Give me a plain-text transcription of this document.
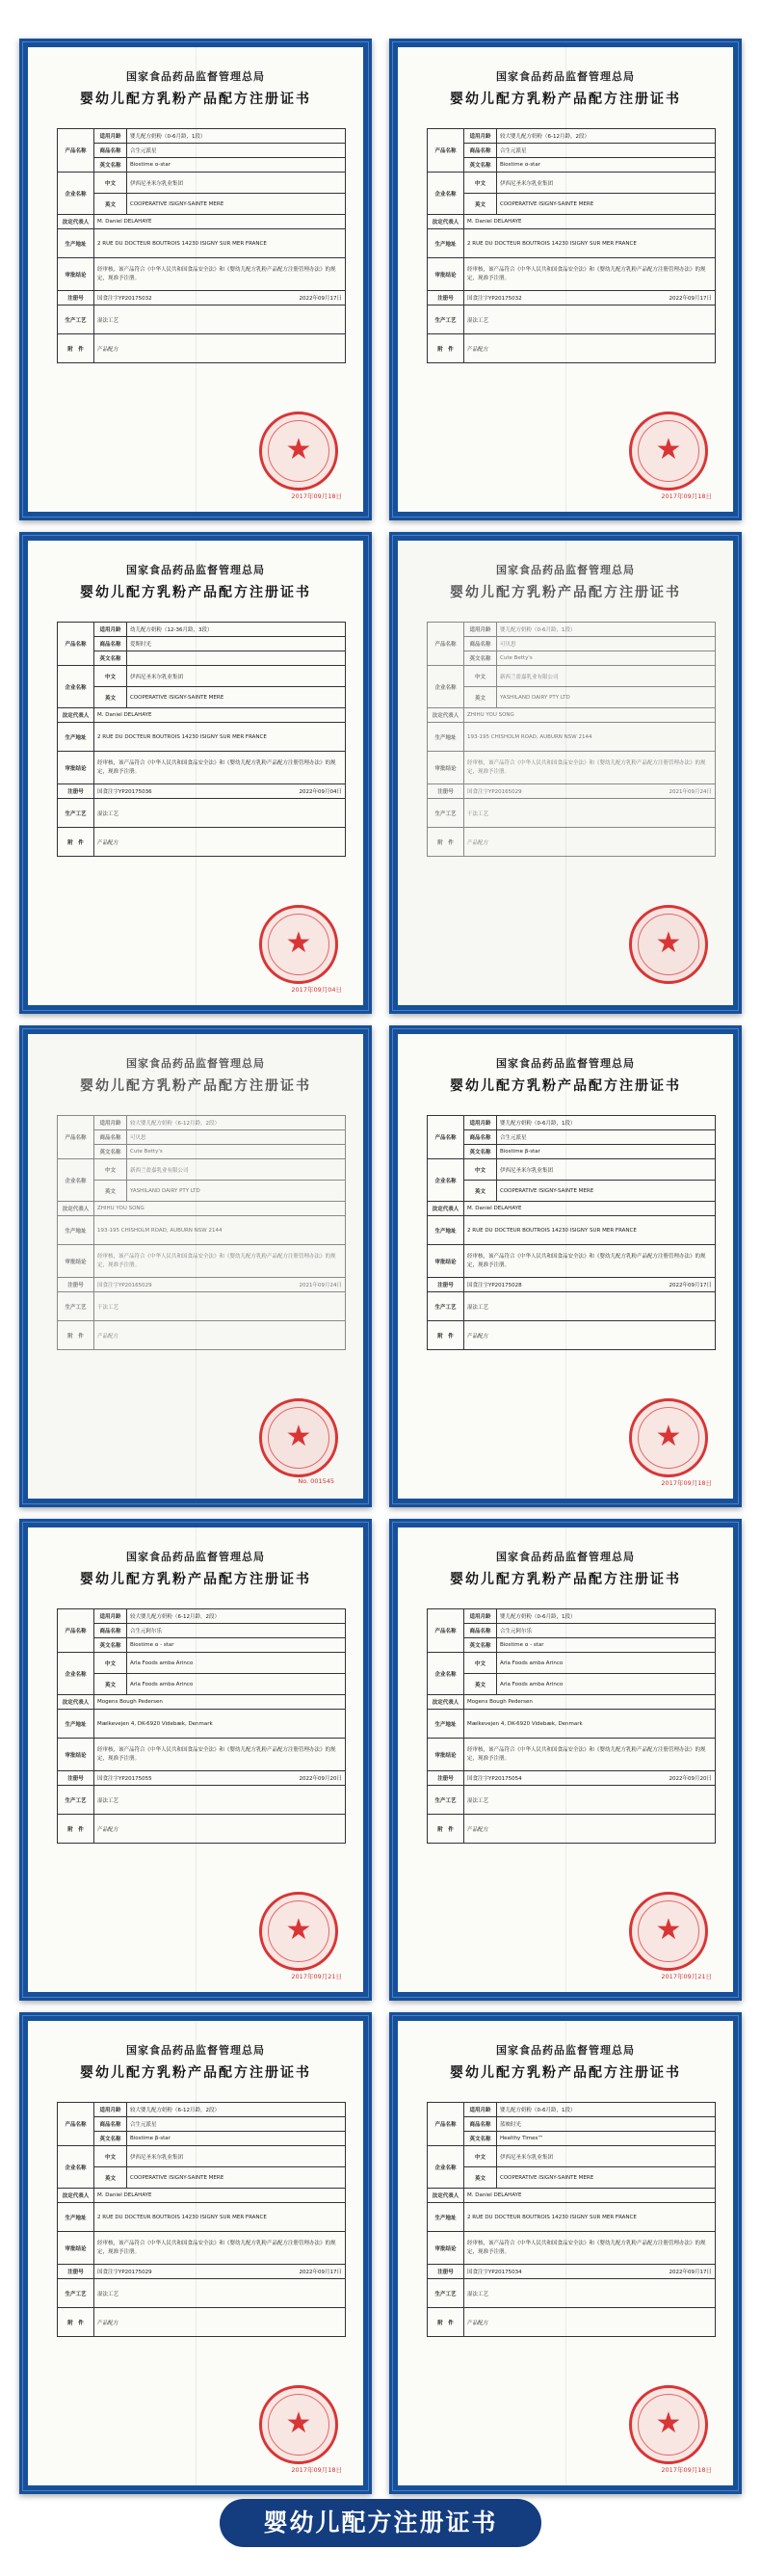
国家食品药品监督管理总局
婴幼儿配方乳粉产品配方注册证书
产品名称	适用月龄	婴儿配方奶粉（0-6月龄，1段）
	商品名称	合生元派星
	英文名称	Biostime α-star
企业名称	中文	伊西尼圣米尔乳业集团
	英文	COOPERATIVE ISIGNY-SAINTE MERE
法定代表人	M. Daniel DELAHAYE	
生产地址	2 RUE DU DOCTEUR BOUTROIS 14230 ISIGNY SUR MER FRANCE	
审批结论	经审核，该产品符合《中华人民共和国食品安全法》和《婴幼儿配方乳粉产品配方注册管理办法》的规定，现准予注册。	
注册号	国食注字YP20175032 2022年09月17日	

生产工艺	湿法工艺	
附　件	产品配方	
★
2017年09月18日
国家食品药品监督管理总局
婴幼儿配方乳粉产品配方注册证书
产品名称	适用月龄	较大婴儿配方奶粉（6-12月龄，2段）
	商品名称	合生元派星
	英文名称	Biostime α-star
企业名称	中文	伊西尼圣米尔乳业集团
	英文	COOPERATIVE ISIGNY-SAINTE MERE
法定代表人	M. Daniel DELAHAYE	
生产地址	2 RUE DU DOCTEUR BOUTROIS 14230 ISIGNY SUR MER FRANCE	
审批结论	经审核，该产品符合《中华人民共和国食品安全法》和《婴幼儿配方乳粉产品配方注册管理办法》的规定，现准予注册。	
注册号	国食注字YP20175032 2022年09月17日	

生产工艺	湿法工艺	
附　件	产品配方	
★
2017年09月18日
国家食品药品监督管理总局
婴幼儿配方乳粉产品配方注册证书
产品名称	适用月龄	幼儿配方奶粉（12-36月龄，3段）
	商品名称	爱斯时光
	英文名称	
企业名称	中文	伊西尼圣米尔乳业集团
	英文	COOPERATIVE ISIGNY-SAINTE MERE
法定代表人	M. Daniel DELAHAYE	
生产地址	2 RUE DU DOCTEUR BOUTROIS 14230 ISIGNY SUR MER FRANCE	
审批结论	经审核，该产品符合《中华人民共和国食品安全法》和《婴幼儿配方乳粉产品配方注册管理办法》的规定，现准予注册。	
注册号	国食注字YP20175036 2022年09月04日	

生产工艺	湿法工艺	
附　件	产品配方	
★
2017年09月04日
国家食品药品监督管理总局
婴幼儿配方乳粉产品配方注册证书
产品名称	适用月龄	婴儿配方奶粉（0-6月龄，1段）
	商品名称	可贝思
	英文名称	Cute Betty's
企业名称	中文	新西兰盈嘉乳业有限公司
	英文	YASHILAND DAIRY PTY LTD
法定代表人	ZHIHU YOU SONG	
生产地址	193-195 CHISHOLM ROAD, AUBURN NSW 2144	
审批结论	经审核，该产品符合《中华人民共和国食品安全法》和《婴幼儿配方乳粉产品配方注册管理办法》的规定，现准予注册。	
注册号	国食注字YP20165029 2021年09月24日	

生产工艺	干法工艺	
附　件	产品配方	
★
国家食品药品监督管理总局
婴幼儿配方乳粉产品配方注册证书
产品名称	适用月龄	较大婴儿配方奶粉（6-12月龄，2段）
	商品名称	可贝思
	英文名称	Cute Betty's
企业名称	中文	新西兰盈嘉乳业有限公司
	英文	YASHILAND DAIRY PTY LTD
法定代表人	ZHIHU YOU SONG	
生产地址	193-195 CHISHOLM ROAD, AUBURN NSW 2144	
审批结论	经审核，该产品符合《中华人民共和国食品安全法》和《婴幼儿配方乳粉产品配方注册管理办法》的规定，现准予注册。	
注册号	国食注字YP20165029 2021年09月24日	

生产工艺	干法工艺	
附　件	产品配方	
★
No. 001545
国家食品药品监督管理总局
婴幼儿配方乳粉产品配方注册证书
产品名称	适用月龄	婴儿配方奶粉（0-6月龄，1段）
	商品名称	合生元派星
	英文名称	Biostime β-star
企业名称	中文	伊西尼圣米尔乳业集团
	英文	COOPERATIVE ISIGNY-SAINTE MERE
法定代表人	M. Daniel DELAHAYE	
生产地址	2 RUE DU DOCTEUR BOUTROIS 14230 ISIGNY SUR MER FRANCE	
审批结论	经审核，该产品符合《中华人民共和国食品安全法》和《婴幼儿配方乳粉产品配方注册管理办法》的规定，现准予注册。	
注册号	国食注字YP20175028 2022年09月17日	

生产工艺	湿法工艺	
附　件	产品配方	
★
2017年09月18日
国家食品药品监督管理总局
婴幼儿配方乳粉产品配方注册证书
产品名称	适用月龄	较大婴儿配方奶粉（6-12月龄，2段）
	商品名称	合生元阿尔乐
	英文名称	Biostime α - star
企业名称	中文	Arla Foods amba Arinco
	英文	Arla Foods amba Arinco
法定代表人	Mogens Bough Pedersen	
生产地址	Mælkevejen 4, DK-6920 Videbæk, Denmark	
审批结论	经审核，该产品符合《中华人民共和国食品安全法》和《婴幼儿配方乳粉产品配方注册管理办法》的规定，现准予注册。	
注册号	国食注字YP20175055 2022年09月20日	

生产工艺	湿法工艺	
附　件	产品配方	
★
2017年09月21日
国家食品药品监督管理总局
婴幼儿配方乳粉产品配方注册证书
产品名称	适用月龄	婴儿配方奶粉（0-6月龄，1段）
	商品名称	合生元阿尔乐
	英文名称	Biostime α - star
企业名称	中文	Arla Foods amba Arinco
	英文	Arla Foods amba Arinco
法定代表人	Mogens Bough Pedersen	
生产地址	Mælkevejen 4, DK-6920 Videbæk, Denmark	
审批结论	经审核，该产品符合《中华人民共和国食品安全法》和《婴幼儿配方乳粉产品配方注册管理办法》的规定，现准予注册。	
注册号	国食注字YP20175054 2022年09月20日	

生产工艺	湿法工艺	
附　件	产品配方	
★
2017年09月21日
国家食品药品监督管理总局
婴幼儿配方乳粉产品配方注册证书
产品名称	适用月龄	较大婴儿配方奶粉（6-12月龄，2段）
	商品名称	合生元派星
	英文名称	Biostime β-star
企业名称	中文	伊西尼圣米尔乳业集团
	英文	COOPERATIVE ISIGNY-SAINTE MERE
法定代表人	M. Daniel DELAHAYE	
生产地址	2 RUE DU DOCTEUR BOUTROIS 14230 ISIGNY SUR MER FRANCE	
审批结论	经审核，该产品符合《中华人民共和国食品安全法》和《婴幼儿配方乳粉产品配方注册管理办法》的规定，现准予注册。	
注册号	国食注字YP20175029 2022年09月17日	

生产工艺	湿法工艺	
附　件	产品配方	
★
2017年09月18日
国家食品药品监督管理总局
婴幼儿配方乳粉产品配方注册证书
产品名称	适用月龄	婴儿配方奶粉（0-6月龄，1段）
	商品名称	蓝映时光
	英文名称	Healthy Times™
企业名称	中文	伊西尼圣米尔乳业集团
	英文	COOPERATIVE ISIGNY-SAINTE MERE
法定代表人	M. Daniel DELAHAYE	
生产地址	2 RUE DU DOCTEUR BOUTROIS 14230 ISIGNY SUR MER FRANCE	
审批结论	经审核，该产品符合《中华人民共和国食品安全法》和《婴幼儿配方乳粉产品配方注册管理办法》的规定，现准予注册。	
注册号	国食注字YP20175034 2022年09月17日	

生产工艺	湿法工艺	
附　件	产品配方	
★
2017年09月18日
婴幼儿配方注册证书
